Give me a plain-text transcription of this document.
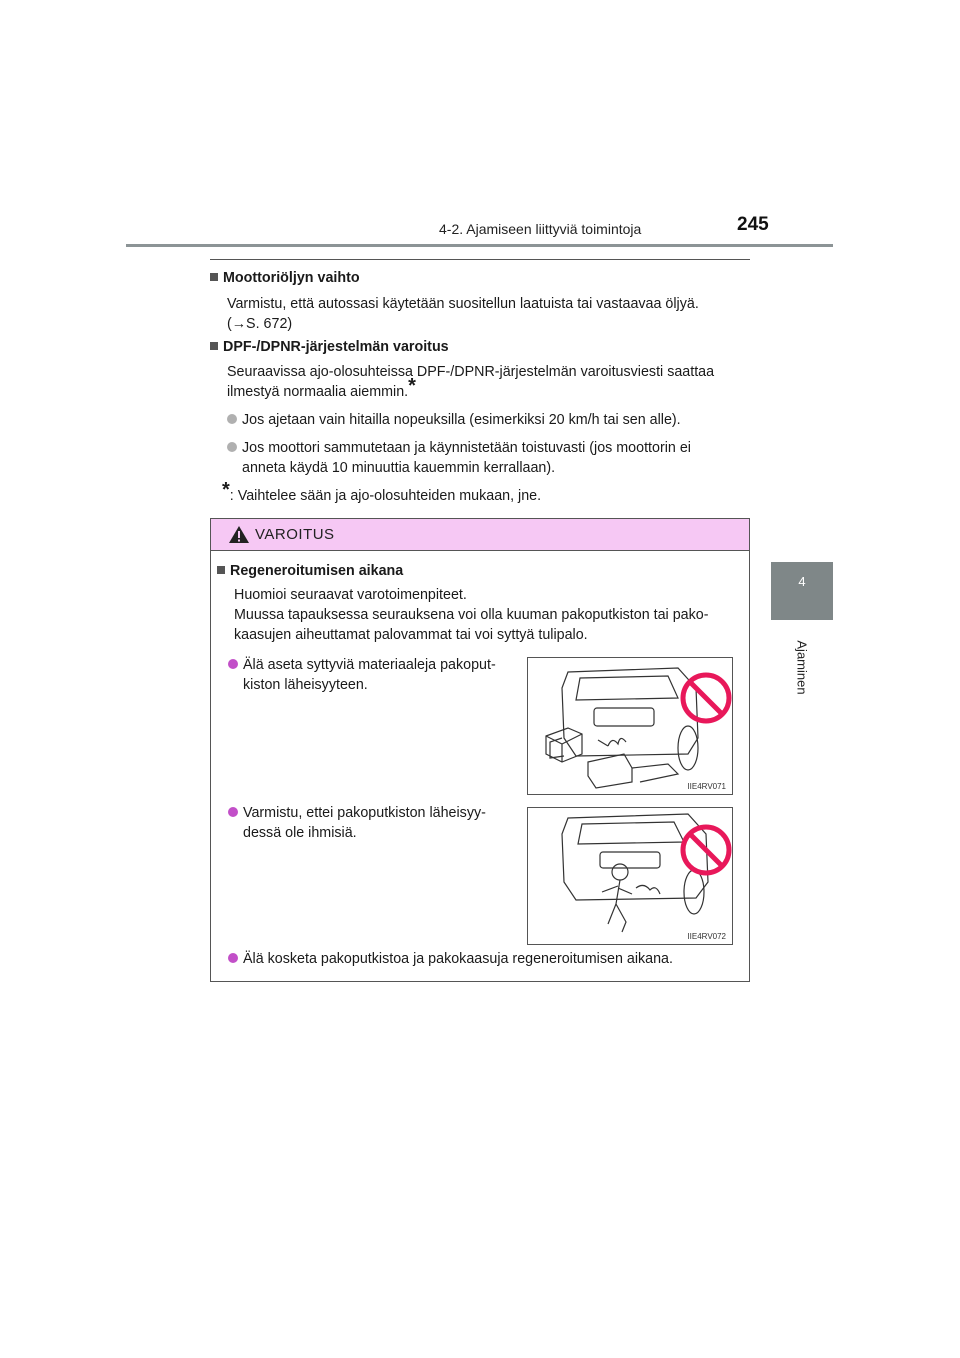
4-2. Ajamiseen liittyviä toimintoja	245
4
Ajaminen
Moottoriöljyn vaihto
Varmistu, että autossasi käytetään suositellun laatuista tai vastaavaa öljyä.
(→S. 672)
DPF-/DPNR-järjestelmän varoitus
Seuraavissa ajo-olosuhteissa DPF-/DPNR-järjestelmän varoitusviesti saattaa
ilmestyä normaalia aiemmin.*
Jos ajetaan vain hitailla nopeuksilla (esimerkiksi 20 km/h tai sen alle).
Jos moottori sammutetaan ja käynnistetään toistuvasti (jos moottorin ei
anneta käydä 10 minuuttia kauemmin kerrallaan).
*: Vaihtelee sään ja ajo-olosuhteiden mukaan, jne.
VAROITUS
Regeneroitumisen aikana
Huomioi seuraavat varotoimenpiteet.
Muussa tapauksessa seurauksena voi olla kuuman pakoputkiston tai pako-
kaasujen aiheuttamat palovammat tai voi syttyä tulipalo.
Älä aseta syttyviä materiaaleja pakoput-
kiston läheisyyteen.
Varmistu, ettei pakoputkiston läheisyy-
dessä ole ihmisiä.
IIE4RV071
IIE4RV072
Älä kosketa pakoputkistoa ja pakokaasuja regeneroitumisen aikana.
